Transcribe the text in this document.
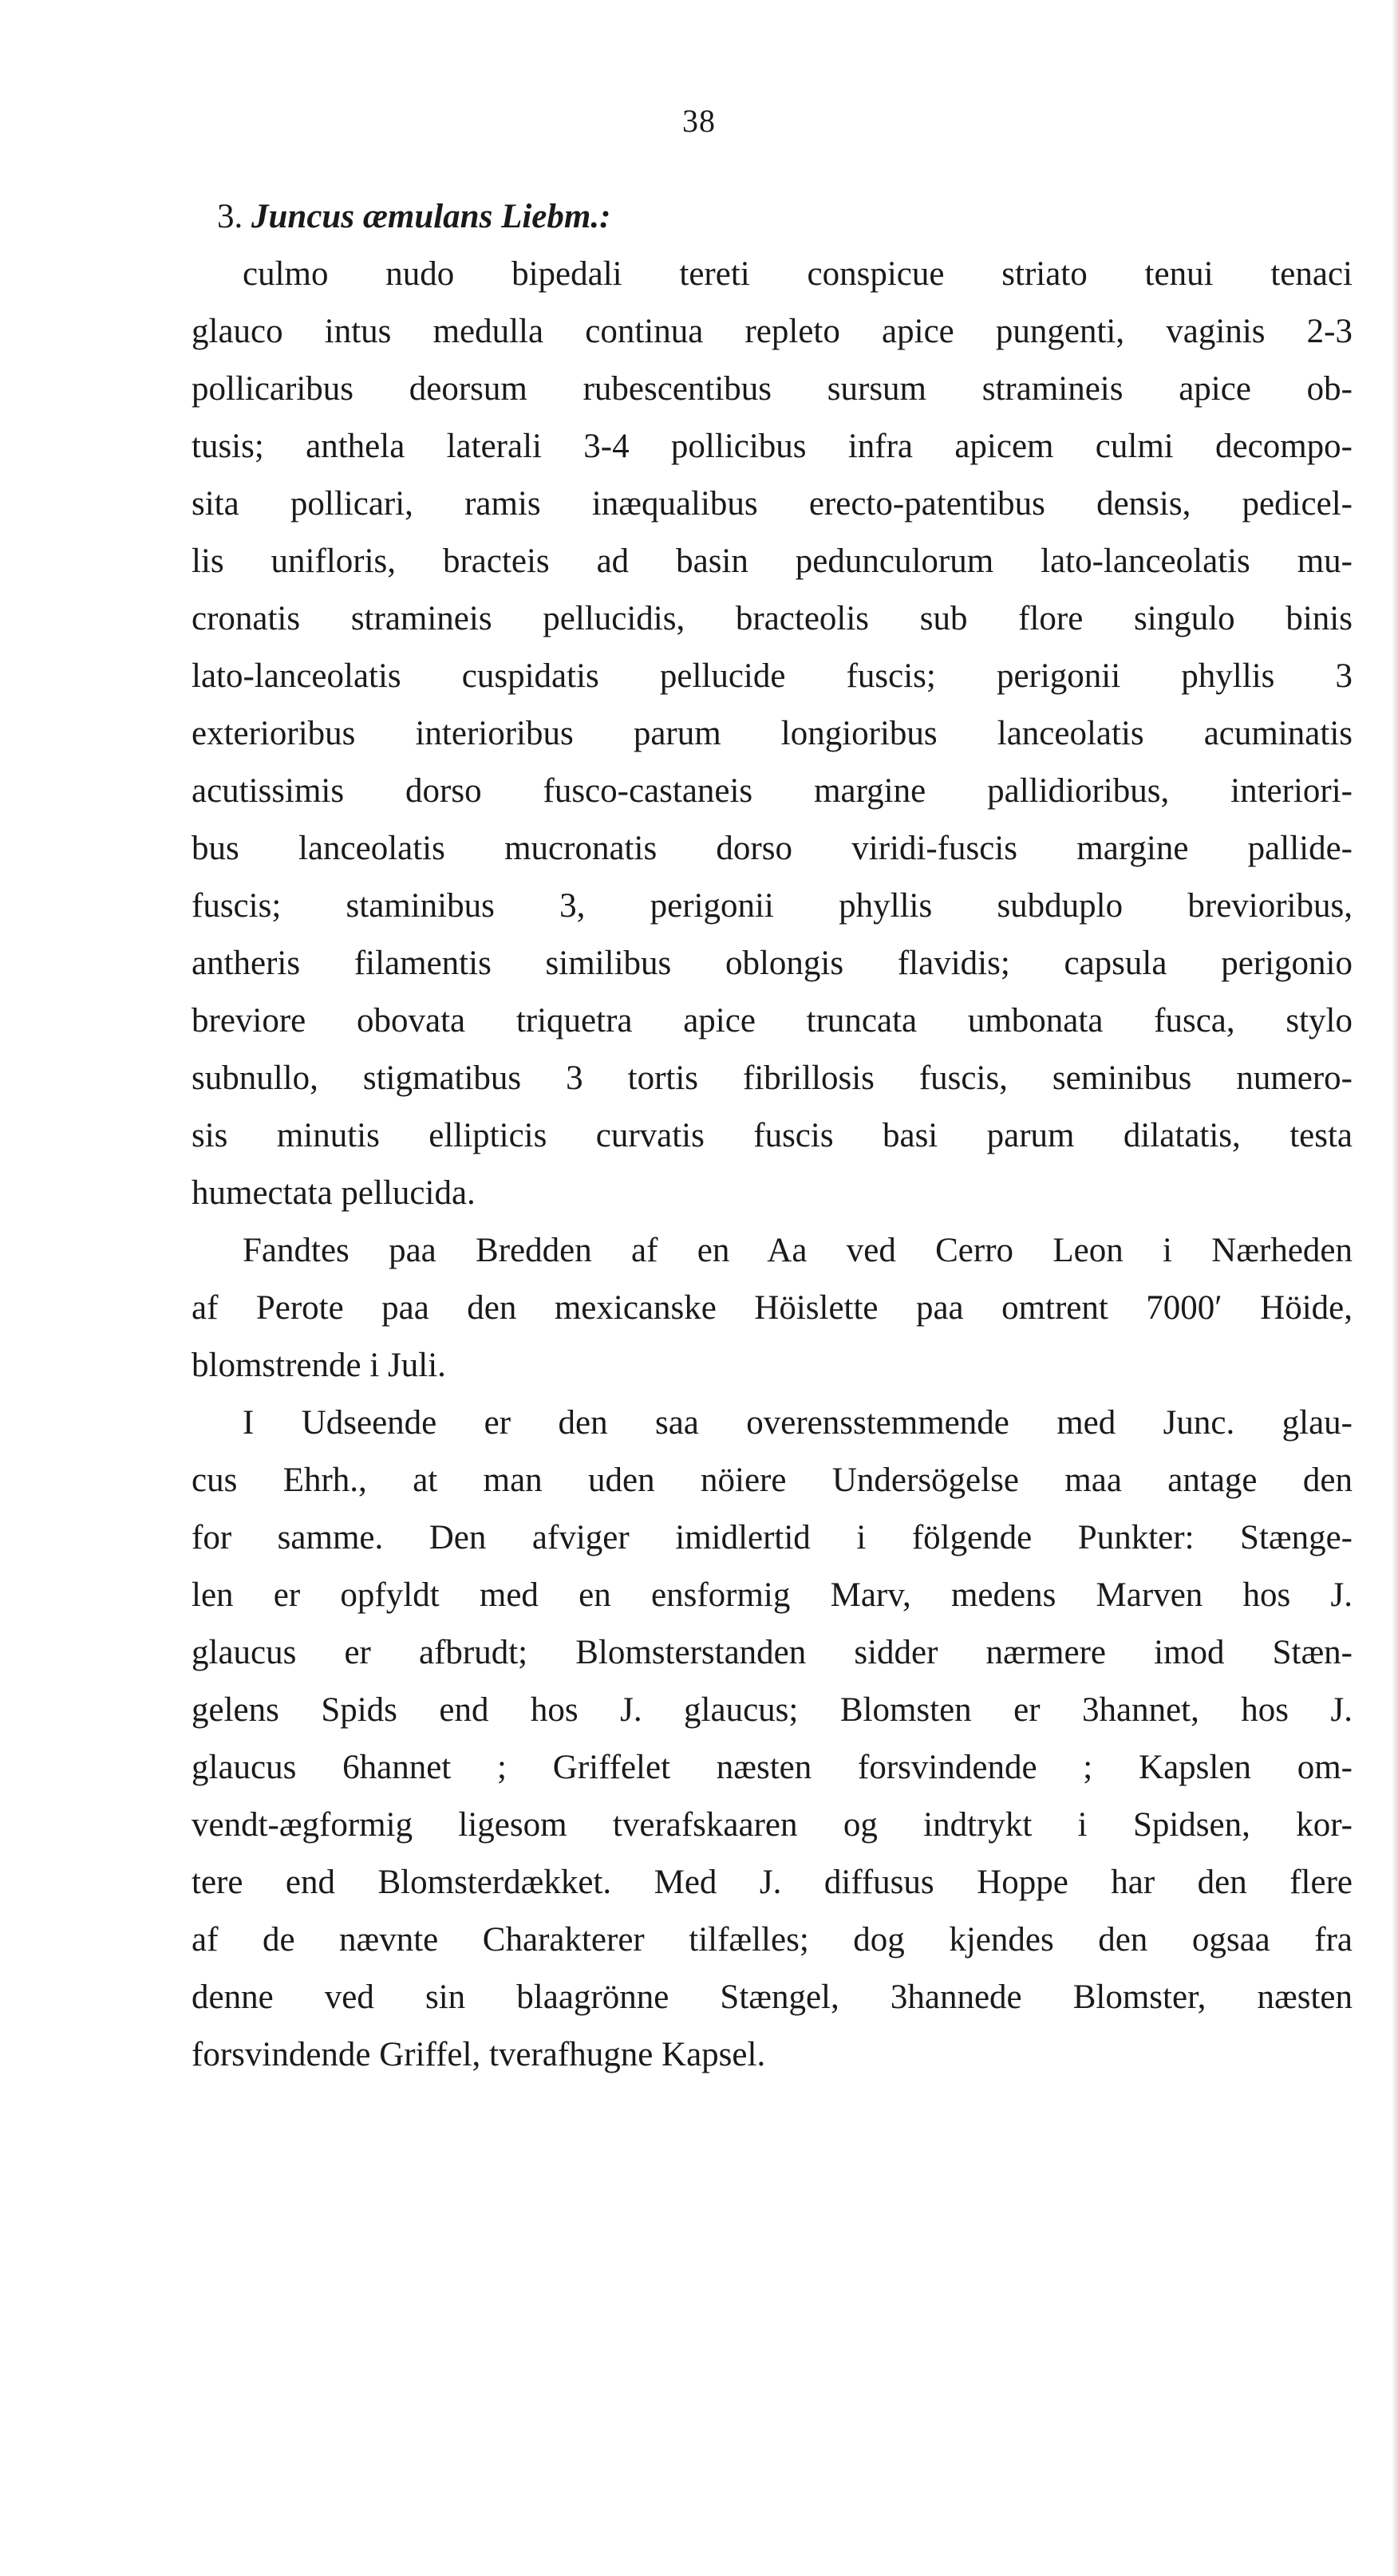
38
3. Juncus æmulans Liebm.:
culmo nudo bipedali tereti conspicue striato tenui tenaci
glauco intus medulla continua repleto apice pungenti, vaginis 2-3
pollicaribus deorsum rubescentibus sursum stramineis apice ob-
tusis; anthela laterali 3-4 pollicibus infra apicem culmi decompo-
sita pollicari, ramis inæqualibus erecto-patentibus densis, pedicel-
lis unifloris, bracteis ad basin pedunculorum lato-lanceolatis mu-
cronatis stramineis pellucidis, bracteolis sub flore singulo binis
lato-lanceolatis cuspidatis pellucide fuscis; perigonii phyllis 3
exterioribus interioribus parum longioribus lanceolatis acuminatis
acutissimis dorso fusco-castaneis margine pallidioribus, interiori-
bus lanceolatis mucronatis dorso viridi-fuscis margine pallide-
fuscis; staminibus 3, perigonii phyllis subduplo brevioribus,
antheris filamentis similibus oblongis flavidis; capsula perigonio
breviore obovata triquetra apice truncata umbonata fusca, stylo
subnullo, stigmatibus 3 tortis fibrillosis fuscis, seminibus numero-
sis minutis ellipticis curvatis fuscis basi parum dilatatis, testa
humectata pellucida.
Fandtes paa Bredden af en Aa ved Cerro Leon i Nærheden
af Perote paa den mexicanske Höislette paa omtrent 7000′ Höide,
blomstrende i Juli.
I Udseende er den saa overensstemmende med Junc. glau-
cus Ehrh., at man uden nöiere Undersögelse maa antage den
for samme. Den afviger imidlertid i fölgende Punkter: Stænge-
len er opfyldt med en ensformig Marv, medens Marven hos J.
glaucus er afbrudt; Blomsterstanden sidder nærmere imod Stæn-
gelens Spids end hos J. glaucus; Blomsten er 3hannet, hos J.
glaucus 6hannet ; Griffelet næsten forsvindende ; Kapslen om-
vendt-ægformig ligesom tverafskaaren og indtrykt i Spidsen, kor-
tere end Blomsterdækket. Med J. diffusus Hoppe har den flere
af de nævnte Charakterer tilfælles; dog kjendes den ogsaa fra
denne ved sin blaagrönne Stængel, 3hannede Blomster, næsten
forsvindende Griffel, tverafhugne Kapsel.
